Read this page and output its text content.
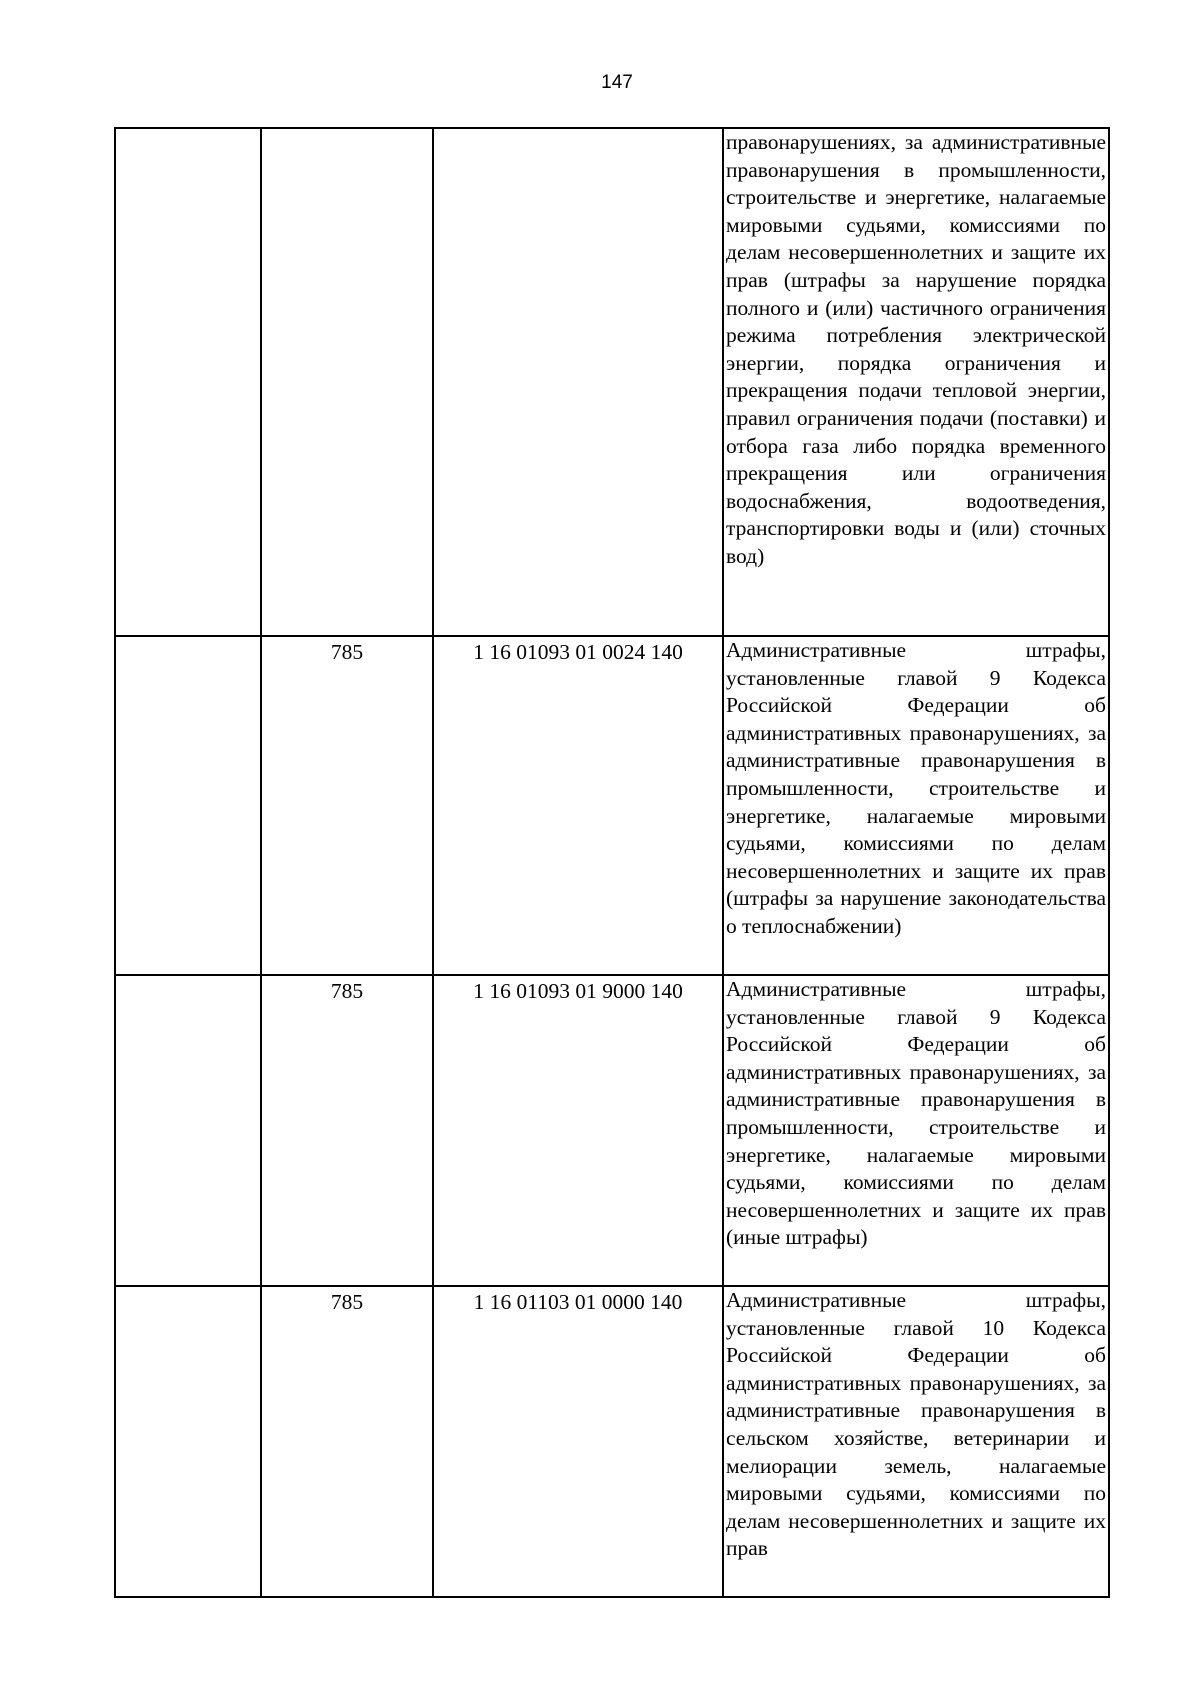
147

			правонарушениях, за административные правонарушения в промышленности, строительстве и энергетике, налагаемые мировыми судьями, комиссиями по делам несовершеннолетних и защите их прав (штрафы за нарушение порядка полного и (или) частичного ограничения режима потребления электрической энергии, порядка ограничения и прекращения подачи тепловой энергии, правил ограничения подачи (поставки) и отбора газа либо порядка временного прекращения или ограничения водоснабжения, водоотведения, транспортировки воды и (или) сточных вод)

	785	1 16 01093 01 0024 140	Административные штрафы, установленные главой 9 Кодекса Российской Федерации об административных правонарушениях, за административные правонарушения в промышленности, строительстве и энергетике, налагаемые мировыми судьями, комиссиями по делам несовершеннолетних и защите их прав (штрафы за нарушение законодательства о теплоснабжении)

	785	1 16 01093 01 9000 140	Административные штрафы, установленные главой 9 Кодекса Российской Федерации об административных правонарушениях, за административные правонарушения в промышленности, строительстве и энергетике, налагаемые мировыми судьями, комиссиями по делам несовершеннолетних и защите их прав (иные штрафы)

	785	1 16 01103 01 0000 140	Административные штрафы, установленные главой 10 Кодекса Российской Федерации об административных правонарушениях, за административные правонарушения в сельском хозяйстве, ветеринарии и мелиорации земель, налагаемые мировыми судьями, комиссиями по делам несовершеннолетних и защите их прав
